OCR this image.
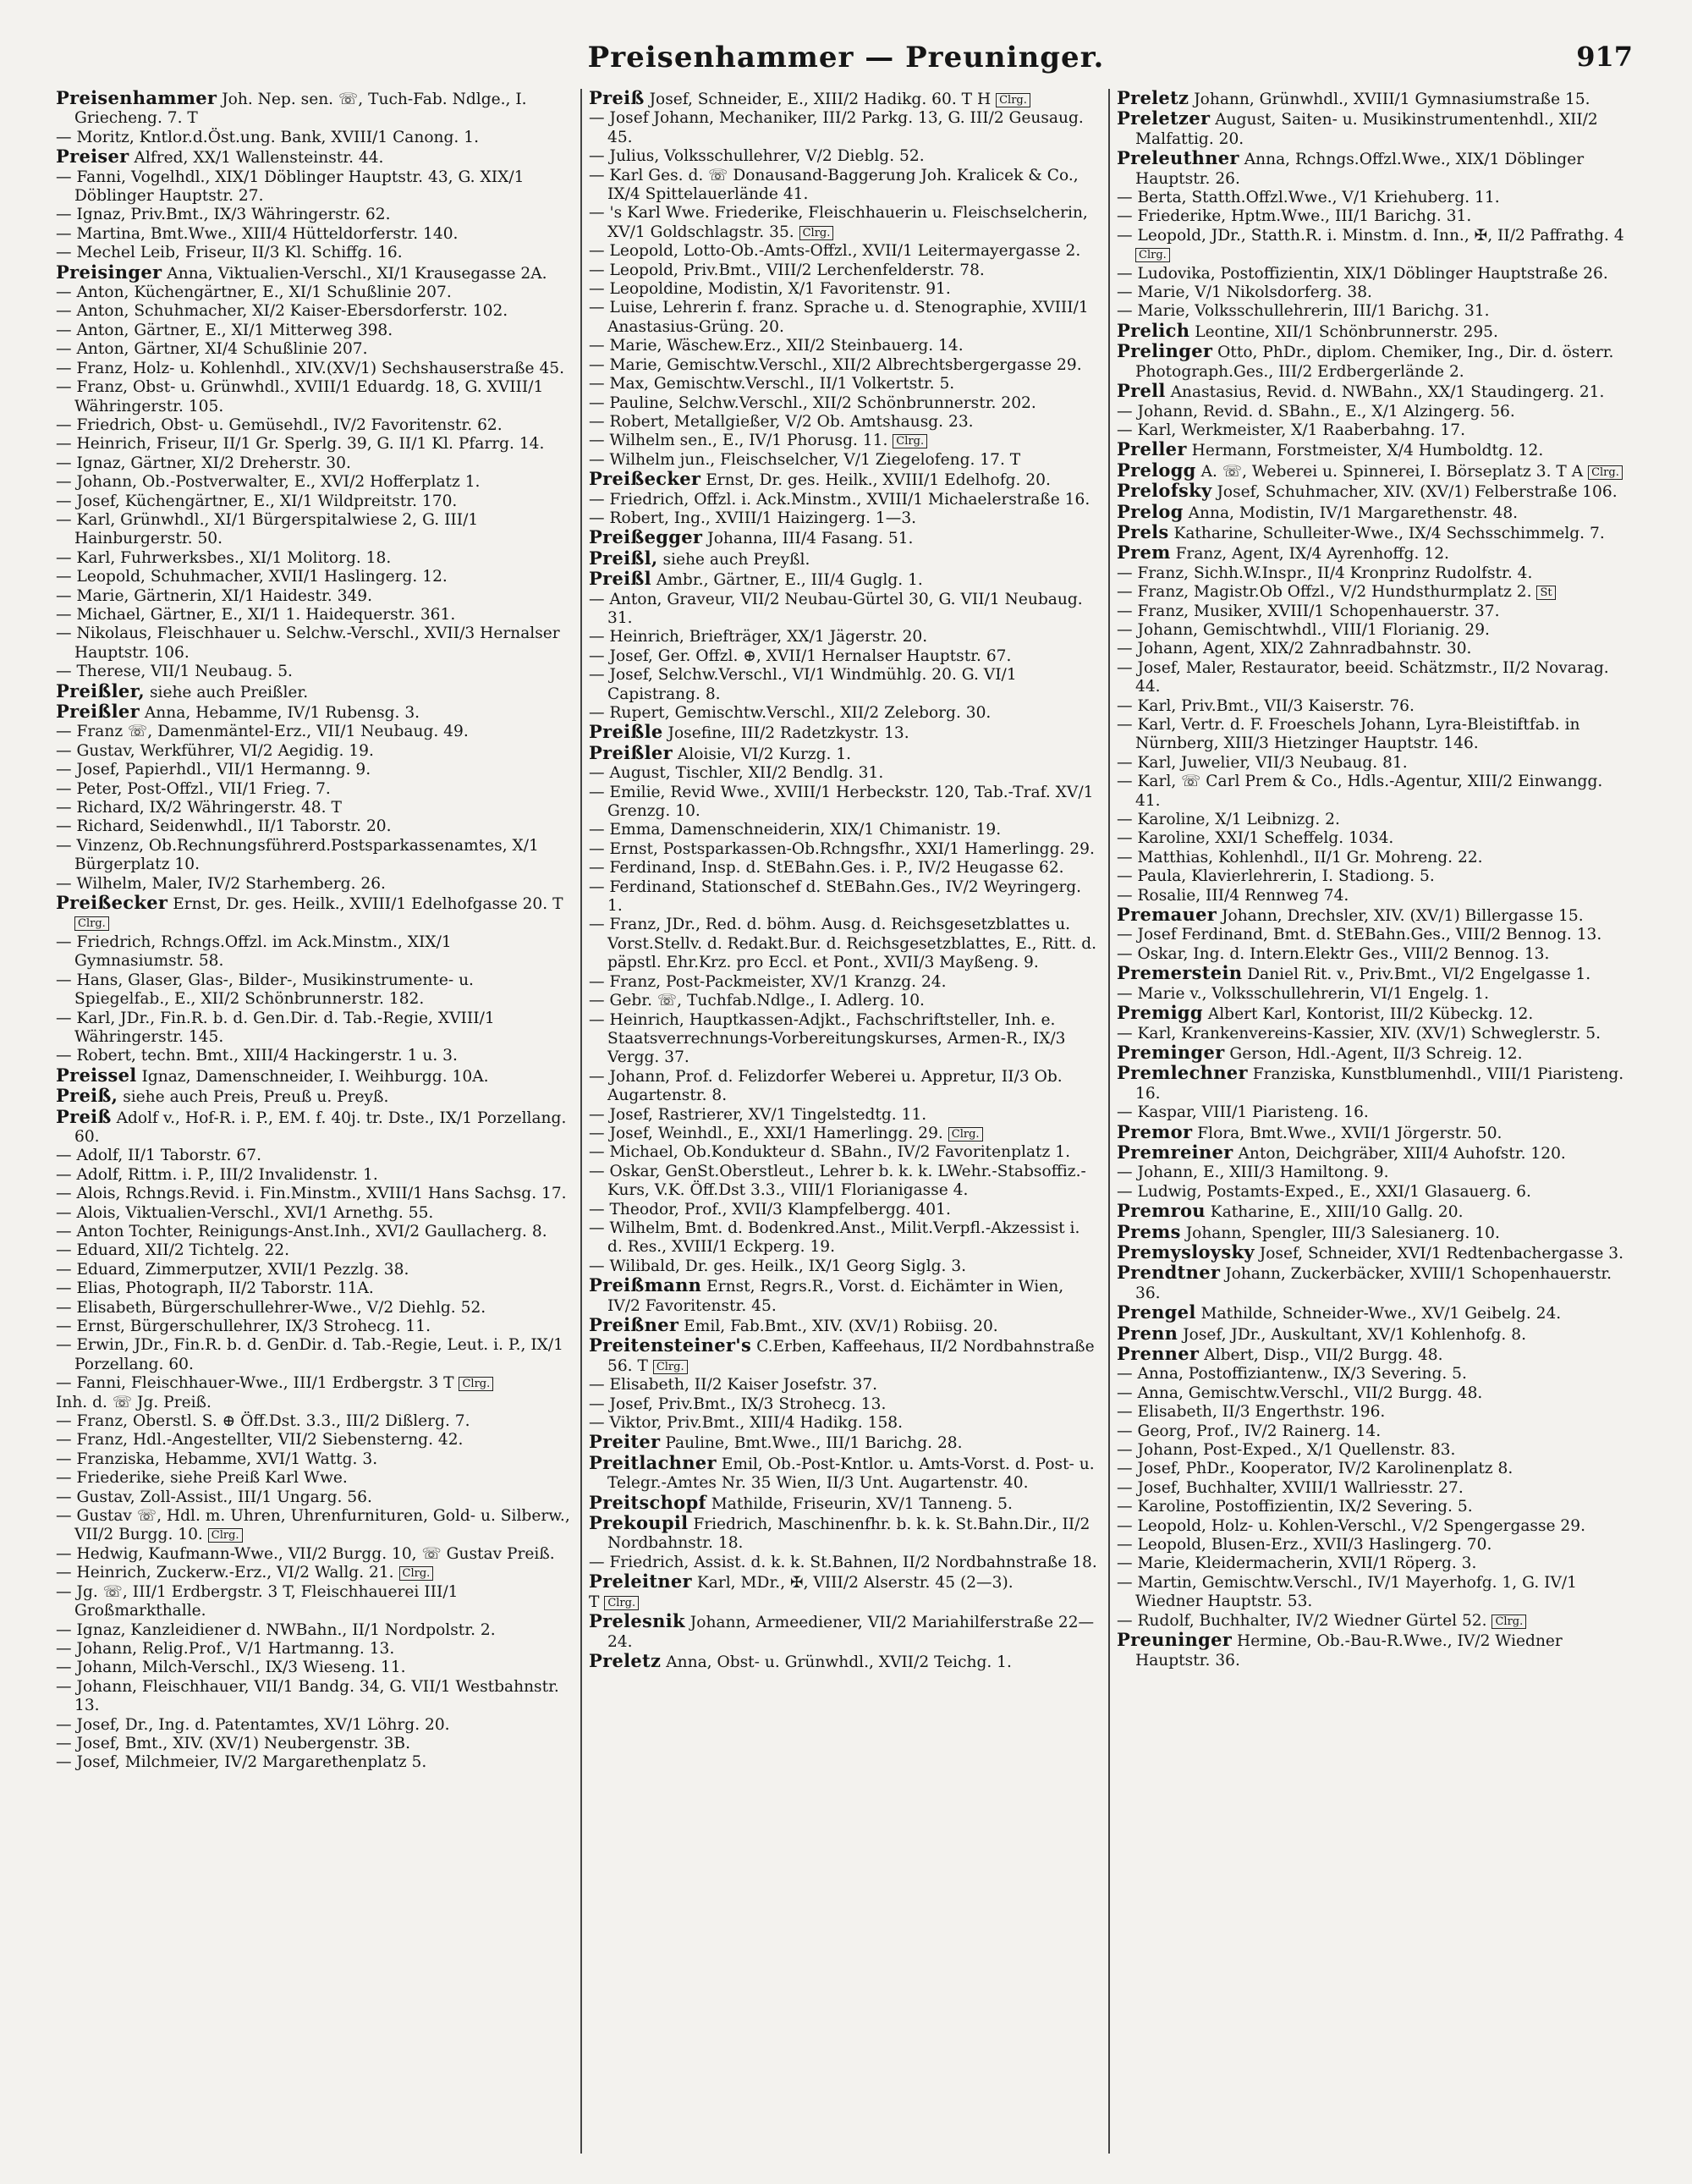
Preisenhammer — Preuninger.	917
Preisenhammer Joh. Nep. sen. ☏, Tuch-Fab. Ndlge., I. Griecheng. 7. T
— Moritz, Kntlor.d.Öst.ung. Bank, XVIII/1 Canong. 1.
Preiser Alfred, XX/1 Wallensteinstr. 44.
— Fanni, Vogelhdl., XIX/1 Döblinger Hauptstr. 43, G. XIX/1 Döblinger Hauptstr. 27.
— Ignaz, Priv.Bmt., IX/3 Währingerstr. 62.
— Martina, Bmt.Wwe., XIII/4 Hütteldorferstr. 140.
— Mechel Leib, Friseur, II/3 Kl. Schiffg. 16.
Preisinger Anna, Viktualien-Verschl., XI/1 Krausegasse 2A.
— Anton, Küchengärtner, E., XI/1 Schußlinie 207.
— Anton, Schuhmacher, XI/2 Kaiser-Ebersdorferstr. 102.
— Anton, Gärtner, E., XI/1 Mitterweg 398.
— Anton, Gärtner, XI/4 Schußlinie 207.
— Franz, Holz- u. Kohlenhdl., XIV.(XV/1) Sechshauserstraße 45.
— Franz, Obst- u. Grünwhdl., XVIII/1 Eduardg. 18, G. XVIII/1 Währingerstr. 105.
— Friedrich, Obst- u. Gemüsehdl., IV/2 Favoritenstr. 62.
— Heinrich, Friseur, II/1 Gr. Sperlg. 39, G. II/1 Kl. Pfarrg. 14.
— Ignaz, Gärtner, XI/2 Dreherstr. 30.
— Johann, Ob.-Postverwalter, E., XVI/2 Hofferplatz 1.
— Josef, Küchengärtner, E., XI/1 Wildpreitstr. 170.
— Karl, Grünwhdl., XI/1 Bürgerspitalwiese 2, G. III/1 Hainburgerstr. 50.
— Karl, Fuhrwerksbes., XI/1 Molitorg. 18.
— Leopold, Schuhmacher, XVII/1 Haslingerg. 12.
— Marie, Gärtnerin, XI/1 Haidestr. 349.
— Michael, Gärtner, E., XI/1 1. Haidequerstr. 361.
— Nikolaus, Fleischhauer u. Selchw.-Verschl., XVII/3 Hernalser Hauptstr. 106.
— Therese, VII/1 Neubaug. 5.
Preißler, siehe auch Preißler.
Preißler Anna, Hebamme, IV/1 Rubensg. 3.
— Franz ☏, Damenmäntel-Erz., VII/1 Neubaug. 49.
— Gustav, Werkführer, VI/2 Aegidig. 19.
— Josef, Papierhdl., VII/1 Hermanng. 9.
— Peter, Post-Offzl., VII/1 Frieg. 7.
— Richard, IX/2 Währingerstr. 48. T
— Richard, Seidenwhdl., II/1 Taborstr. 20.
— Vinzenz, Ob.Rechnungsführerd.Postsparkassenamtes, X/1 Bürgerplatz 10.
— Wilhelm, Maler, IV/2 Starhemberg. 26.
Preißecker Ernst, Dr. ges. Heilk., XVIII/1 Edelhofgasse 20. T Clrg.
— Friedrich, Rchngs.Offzl. im Ack.Minstm., XIX/1 Gymnasiumstr. 58.
— Hans, Glaser, Glas-, Bilder-, Musikinstrumente- u. Spiegelfab., E., XII/2 Schönbrunnerstr. 182.
— Karl, JDr., Fin.R. b. d. Gen.Dir. d. Tab.-Regie, XVIII/1 Währingerstr. 145.
— Robert, techn. Bmt., XIII/4 Hackingerstr. 1 u. 3.
Preissel Ignaz, Damenschneider, I. Weihburgg. 10A.
Preiß, siehe auch Preis, Preuß u. Preyß.
Preiß Adolf v., Hof-R. i. P., EM. f. 40j. tr. Dste., IX/1 Porzellang. 60.
— Adolf, II/1 Taborstr. 67.
— Adolf, Rittm. i. P., III/2 Invalidenstr. 1.
— Alois, Rchngs.Revid. i. Fin.Minstm., XVIII/1 Hans Sachsg. 17.
— Alois, Viktualien-Verschl., XVI/1 Arnethg. 55.
— Anton Tochter, Reinigungs-Anst.Inh., XVI/2 Gaullacherg. 8.
— Eduard, XII/2 Tichtelg. 22.
— Eduard, Zimmerputzer, XVII/1 Pezzlg. 38.
— Elias, Photograph, II/2 Taborstr. 11A.
— Elisabeth, Bürgerschullehrer-Wwe., V/2 Diehlg. 52.
— Ernst, Bürgerschullehrer, IX/3 Strohecg. 11.
— Erwin, JDr., Fin.R. b. d. GenDir. d. Tab.-Regie, Leut. i. P., IX/1 Porzellang. 60.
— Fanni, Fleischhauer-Wwe., III/1 Erdbergstr. 3 T Clrg.
Inh. d. ☏ Jg. Preiß.
— Franz, Oberstl. S. ⊕ Öff.Dst. 3.3., III/2 Dißlerg. 7.
— Franz, Hdl.-Angestellter, VII/2 Siebensterng. 42.
— Franziska, Hebamme, XVI/1 Wattg. 3.
— Friederike, siehe Preiß Karl Wwe.
— Gustav, Zoll-Assist., III/1 Ungarg. 56.
— Gustav ☏, Hdl. m. Uhren, Uhrenfurnituren, Gold- u. Silberw., VII/2 Burgg. 10. Clrg.
— Hedwig, Kaufmann-Wwe., VII/2 Burgg. 10, ☏ Gustav Preiß.
— Heinrich, Zuckerw.-Erz., VI/2 Wallg. 21. Clrg.
— Jg. ☏, III/1 Erdbergstr. 3 T, Fleischhauerei III/1 Großmarkthalle.
— Ignaz, Kanzleidiener d. NWBahn., II/1 Nordpolstr. 2.
— Johann, Relig.Prof., V/1 Hartmanng. 13.
— Johann, Milch-Verschl., IX/3 Wieseng. 11.
— Johann, Fleischhauer, VII/1 Bandg. 34, G. VII/1 Westbahnstr. 13.
— Josef, Dr., Ing. d. Patentamtes, XV/1 Löhrg. 20.
— Josef, Bmt., XIV. (XV/1) Neubergenstr. 3B.
— Josef, Milchmeier, IV/2 Margarethenplatz 5.
Preiß Josef, Schneider, E., XIII/2 Hadikg. 60. T H Clrg.
— Josef Johann, Mechaniker, III/2 Parkg. 13, G. III/2 Geusaug. 45.
— Julius, Volksschullehrer, V/2 Dieblg. 52.
— Karl Ges. d. ☏ Donausand-Baggerung Joh. Kralicek & Co., IX/4 Spittelauerlände 41.
— 's Karl Wwe. Friederike, Fleischhauerin u. Fleischselcherin, XV/1 Goldschlagstr. 35. Clrg.
— Leopold, Lotto-Ob.-Amts-Offzl., XVII/1 Leitermayergasse 2.
— Leopold, Priv.Bmt., VIII/2 Lerchenfelderstr. 78.
— Leopoldine, Modistin, X/1 Favoritenstr. 91.
— Luise, Lehrerin f. franz. Sprache u. d. Stenographie, XVIII/1 Anastasius-Grüng. 20.
— Marie, Wäschew.Erz., XII/2 Steinbauerg. 14.
— Marie, Gemischtw.Verschl., XII/2 Albrechtsbergergasse 29.
— Max, Gemischtw.Verschl., II/1 Volkertstr. 5.
— Pauline, Selchw.Verschl., XII/2 Schönbrunnerstr. 202.
— Robert, Metallgießer, V/2 Ob. Amtshausg. 23.
— Wilhelm sen., E., IV/1 Phorusg. 11. Clrg.
— Wilhelm jun., Fleischselcher, V/1 Ziegelofeng. 17. T
Preißecker Ernst, Dr. ges. Heilk., XVIII/1 Edelhofg. 20.
— Friedrich, Offzl. i. Ack.Minstm., XVIII/1 Michaelerstraße 16.
— Robert, Ing., XVIII/1 Haizingerg. 1—3.
Preißegger Johanna, III/4 Fasang. 51.
Preißl, siehe auch Preyßl.
Preißl Ambr., Gärtner, E., III/4 Guglg. 1.
— Anton, Graveur, VII/2 Neubau-Gürtel 30, G. VII/1 Neubaug. 31.
— Heinrich, Briefträger, XX/1 Jägerstr. 20.
— Josef, Ger. Offzl. ⊕, XVII/1 Hernalser Hauptstr. 67.
— Josef, Selchw.Verschl., VI/1 Windmühlg. 20. G. VI/1 Capistrang. 8.
— Rupert, Gemischtw.Verschl., XII/2 Zeleborg. 30.
Preißle Josefine, III/2 Radetzkystr. 13.
Preißler Aloisie, VI/2 Kurzg. 1.
— August, Tischler, XII/2 Bendlg. 31.
— Emilie, Revid Wwe., XVIII/1 Herbeckstr. 120, Tab.-Traf. XV/1 Grenzg. 10.
— Emma, Damenschneiderin, XIX/1 Chimanistr. 19.
— Ernst, Postsparkassen-Ob.Rchngsfhr., XXI/1 Hamerlingg. 29.
— Ferdinand, Insp. d. StEBahn.Ges. i. P., IV/2 Heugasse 62.
— Ferdinand, Stationschef d. StEBahn.Ges., IV/2 Weyringerg. 1.
— Franz, JDr., Red. d. böhm. Ausg. d. Reichsgesetzblattes u. Vorst.Stellv. d. Redakt.Bur. d. Reichsgesetzblattes, E., Ritt. d. päpstl. Ehr.Krz. pro Eccl. et Pont., XVII/3 Mayßeng. 9.
— Franz, Post-Packmeister, XV/1 Kranzg. 24.
— Gebr. ☏, Tuchfab.Ndlge., I. Adlerg. 10.
— Heinrich, Hauptkassen-Adjkt., Fachschriftsteller, Inh. e. Staatsverrechnungs-Vorbereitungskurses, Armen-R., IX/3 Vergg. 37.
— Johann, Prof. d. Felizdorfer Weberei u. Appretur, II/3 Ob. Augartenstr. 8.
— Josef, Rastrierer, XV/1 Tingelstedtg. 11.
— Josef, Weinhdl., E., XXI/1 Hamerlingg. 29. Clrg.
— Michael, Ob.Kondukteur d. SBahn., IV/2 Favoritenplatz 1.
— Oskar, GenSt.Oberstleut., Lehrer b. k. k. LWehr.-Stabsoffiz.-Kurs, V.K. Öff.Dst 3.3., VIII/1 Florianigasse 4.
— Theodor, Prof., XVII/3 Klampfelbergg. 401.
— Wilhelm, Bmt. d. Bodenkred.Anst., Milit.Verpfl.-Akzessist i. d. Res., XVIII/1 Eckperg. 19.
— Wilibald, Dr. ges. Heilk., IX/1 Georg Siglg. 3.
Preißmann Ernst, Regrs.R., Vorst. d. Eichämter in Wien, IV/2 Favoritenstr. 45.
Preißner Emil, Fab.Bmt., XIV. (XV/1) Robiisg. 20.
Preitensteiner's C.Erben, Kaffeehaus, II/2 Nordbahnstraße 56. T Clrg.
— Elisabeth, II/2 Kaiser Josefstr. 37.
— Josef, Priv.Bmt., IX/3 Strohecg. 13.
— Viktor, Priv.Bmt., XIII/4 Hadikg. 158.
Preiter Pauline, Bmt.Wwe., III/1 Barichg. 28.
Preitlachner Emil, Ob.-Post-Kntlor. u. Amts-Vorst. d. Post- u. Telegr.-Amtes Nr. 35 Wien, II/3 Unt. Augartenstr. 40.
Preitschopf Mathilde, Friseurin, XV/1 Tanneng. 5.
Prekoupil Friedrich, Maschinenfhr. b. k. k. St.Bahn.Dir., II/2 Nordbahnstr. 18.
— Friedrich, Assist. d. k. k. St.Bahnen, II/2 Nordbahnstraße 18.
Preleitner Karl, MDr., ✠, VIII/2 Alserstr. 45 (2—3).
T Clrg.
Prelesnik Johann, Armeediener, VII/2 Mariahilferstraße 22—24.
Preletz Anna, Obst- u. Grünwhdl., XVII/2 Teichg. 1.
Preletz Johann, Grünwhdl., XVIII/1 Gymnasiumstraße 15.
Preletzer August, Saiten- u. Musikinstrumentenhdl., XII/2 Malfattig. 20.
Preleuthner Anna, Rchngs.Offzl.Wwe., XIX/1 Döblinger Hauptstr. 26.
— Berta, Statth.Offzl.Wwe., V/1 Kriehuberg. 11.
— Friederike, Hptm.Wwe., III/1 Barichg. 31.
— Leopold, JDr., Statth.R. i. Minstm. d. Inn., ✠, II/2 Paffrathg. 4 Clrg.
— Ludovika, Postoffizientin, XIX/1 Döblinger Hauptstraße 26.
— Marie, V/1 Nikolsdorferg. 38.
— Marie, Volksschullehrerin, III/1 Barichg. 31.
Prelich Leontine, XII/1 Schönbrunnerstr. 295.
Prelinger Otto, PhDr., diplom. Chemiker, Ing., Dir. d. österr. Photograph.Ges., III/2 Erdbergerlände 2.
Prell Anastasius, Revid. d. NWBahn., XX/1 Staudingerg. 21.
— Johann, Revid. d. SBahn., E., X/1 Alzingerg. 56.
— Karl, Werkmeister, X/1 Raaberbahng. 17.
Preller Hermann, Forstmeister, X/4 Humboldtg. 12.
Prelogg A. ☏, Weberei u. Spinnerei, I. Börseplatz 3. T A Clrg.
Prelofsky Josef, Schuhmacher, XIV. (XV/1) Felberstraße 106.
Prelog Anna, Modistin, IV/1 Margarethenstr. 48.
Prels Katharine, Schulleiter-Wwe., IX/4 Sechsschimmelg. 7.
Prem Franz, Agent, IX/4 Ayrenhoffg. 12.
— Franz, Sichh.W.Inspr., II/4 Kronprinz Rudolfstr. 4.
— Franz, Magistr.Ob Offzl., V/2 Hundsthurmplatz 2. St
— Franz, Musiker, XVIII/1 Schopenhauerstr. 37.
— Johann, Gemischtwhdl., VIII/1 Florianig. 29.
— Johann, Agent, XIX/2 Zahnradbahnstr. 30.
— Josef, Maler, Restaurator, beeid. Schätzmstr., II/2 Novarag. 44.
— Karl, Priv.Bmt., VII/3 Kaiserstr. 76.
— Karl, Vertr. d. F. Froeschels Johann, Lyra-Bleistiftfab. in Nürnberg, XIII/3 Hietzinger Hauptstr. 146.
— Karl, Juwelier, VII/3 Neubaug. 81.
— Karl, ☏ Carl Prem & Co., Hdls.-Agentur, XIII/2 Einwangg. 41.
— Karoline, X/1 Leibnizg. 2.
— Karoline, XXI/1 Scheffelg. 1034.
— Matthias, Kohlenhdl., II/1 Gr. Mohreng. 22.
— Paula, Klavierlehrerin, I. Stadiong. 5.
— Rosalie, III/4 Rennweg 74.
Premauer Johann, Drechsler, XIV. (XV/1) Billergasse 15.
— Josef Ferdinand, Bmt. d. StEBahn.Ges., VIII/2 Bennog. 13.
— Oskar, Ing. d. Intern.Elektr Ges., VIII/2 Bennog. 13.
Premerstein Daniel Rit. v., Priv.Bmt., VI/2 Engelgasse 1.
— Marie v., Volksschullehrerin, VI/1 Engelg. 1.
Premigg Albert Karl, Kontorist, III/2 Kübeckg. 12.
— Karl, Krankenvereins-Kassier, XIV. (XV/1) Schweglerstr. 5.
Preminger Gerson, Hdl.-Agent, II/3 Schreig. 12.
Premlechner Franziska, Kunstblumenhdl., VIII/1 Piaristeng. 16.
— Kaspar, VIII/1 Piaristeng. 16.
Premor Flora, Bmt.Wwe., XVII/1 Jörgerstr. 50.
Premreiner Anton, Deichgräber, XIII/4 Auhofstr. 120.
— Johann, E., XIII/3 Hamiltong. 9.
— Ludwig, Postamts-Exped., E., XXI/1 Glasauerg. 6.
Premrou Katharine, E., XIII/10 Gallg. 20.
Prems Johann, Spengler, III/3 Salesianerg. 10.
Premysloysky Josef, Schneider, XVI/1 Redtenbachergasse 3.
Prendtner Johann, Zuckerbäcker, XVIII/1 Schopenhauerstr. 36.
Prengel Mathilde, Schneider-Wwe., XV/1 Geibelg. 24.
Prenn Josef, JDr., Auskultant, XV/1 Kohlenhofg. 8.
Prenner Albert, Disp., VII/2 Burgg. 48.
— Anna, Postoffiziantenw., IX/3 Severing. 5.
— Anna, Gemischtw.Verschl., VII/2 Burgg. 48.
— Elisabeth, II/3 Engerthstr. 196.
— Georg, Prof., IV/2 Rainerg. 14.
— Johann, Post-Exped., X/1 Quellenstr. 83.
— Josef, PhDr., Kooperator, IV/2 Karolinenplatz 8.
— Josef, Buchhalter, XVIII/1 Wallriesstr. 27.
— Karoline, Postoffizientin, IX/2 Severing. 5.
— Leopold, Holz- u. Kohlen-Verschl., V/2 Spengergasse 29.
— Leopold, Blusen-Erz., XVII/3 Haslingerg. 70.
— Marie, Kleidermacherin, XVII/1 Röperg. 3.
— Martin, Gemischtw.Verschl., IV/1 Mayerhofg. 1, G. IV/1 Wiedner Hauptstr. 53.
— Rudolf, Buchhalter, IV/2 Wiedner Gürtel 52. Clrg.
Preuninger Hermine, Ob.-Bau-R.Wwe., IV/2 Wiedner Hauptstr. 36.
